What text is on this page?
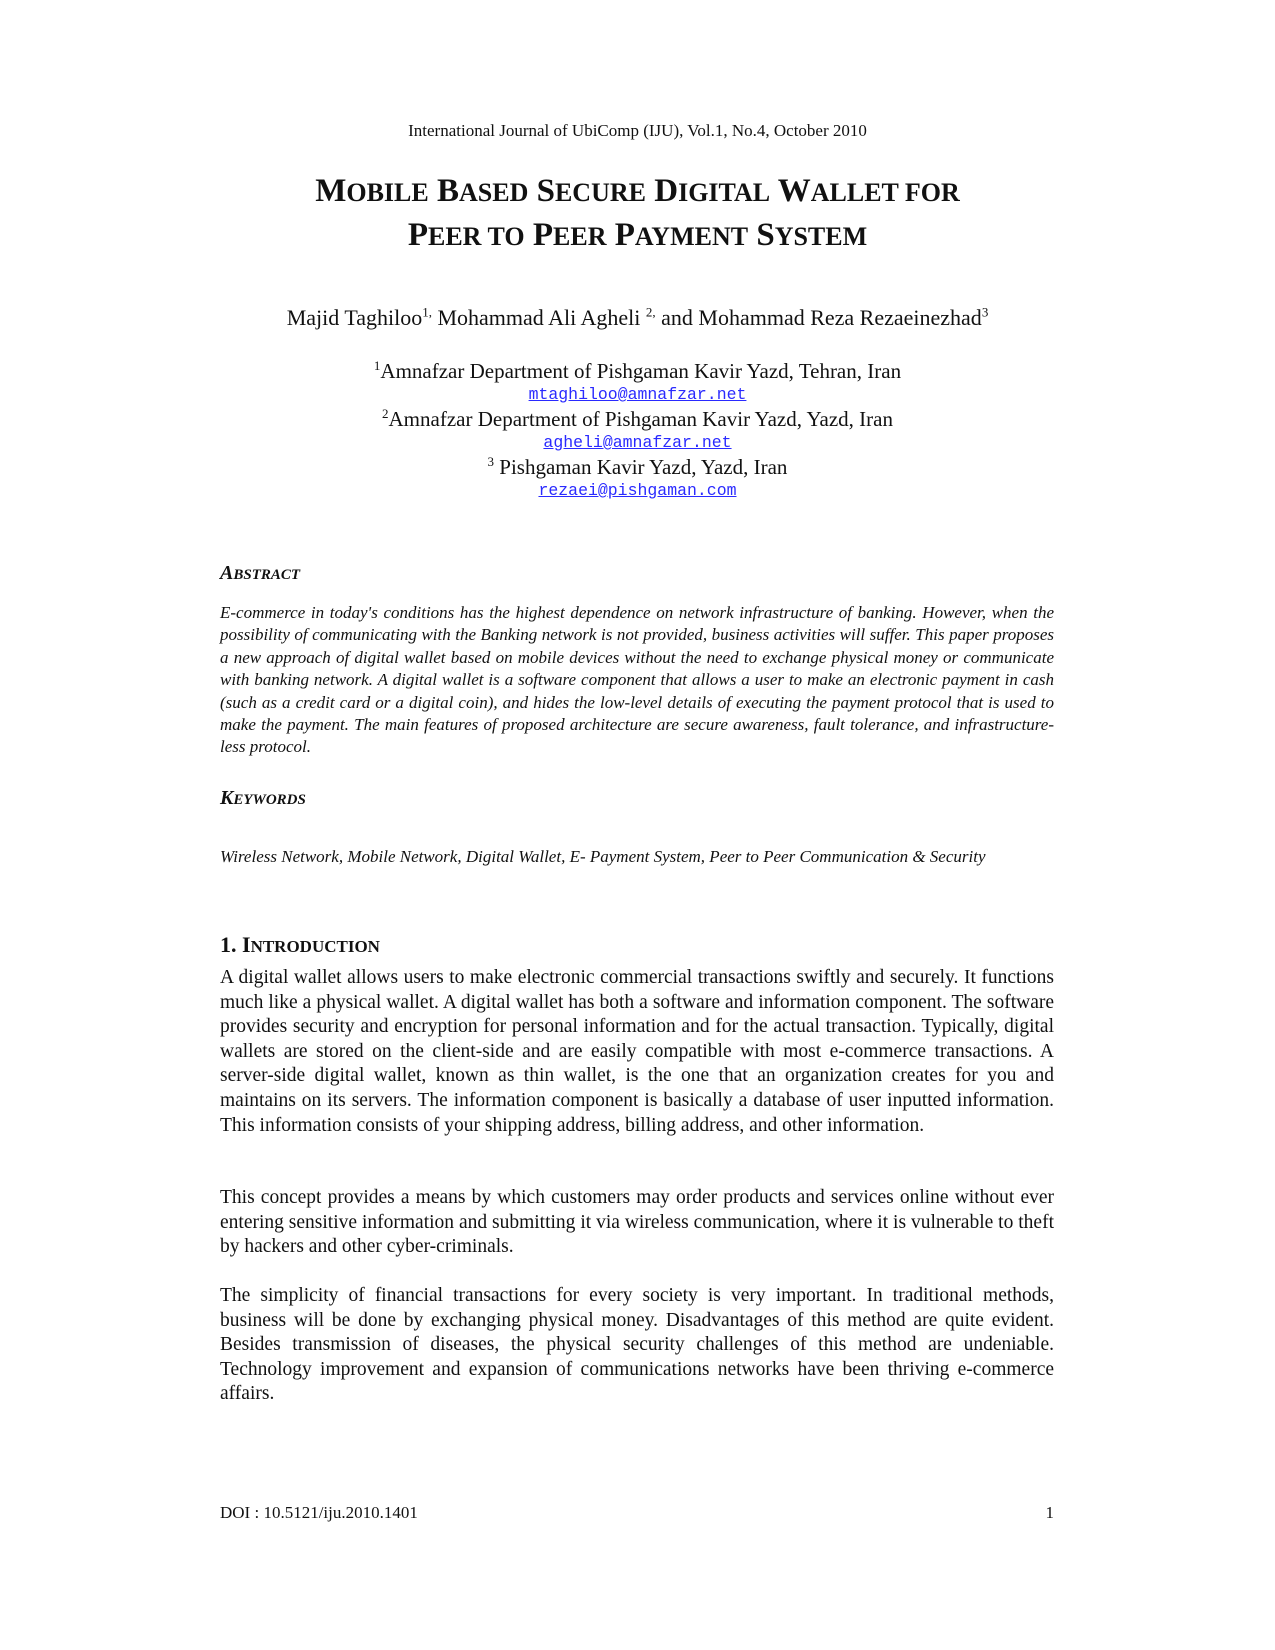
International Journal of UbiComp (IJU), Vol.1, No.4, October 2010
MOBILE BASED SECURE DIGITAL WALLET FOR
PEER TO PEER PAYMENT SYSTEM
Majid Taghiloo$^{1,}$ Mohammad Ali Agheli $^{2,}$ and Mohammad Reza Rezaeinezhad$^3$
$^1$Amnafzar Department of Pishgaman Kavir Yazd, Tehran, Iran
mtaghiloo@amnafzar.net
$^2$Amnafzar Department of Pishgaman Kavir Yazd, Yazd, Iran
agheli@amnafzar.net
$^3$ Pishgaman Kavir Yazd, Yazd, Iran
rezaei@pishgaman.com
ABSTRACT
E-commerce in today's conditions has the highest dependence on network infrastructure of banking. However, when the possibility of communicating with the Banking network is not provided, business activities will suffer. This paper proposes a new approach of digital wallet based on mobile devices without the need to exchange physical money or communicate with banking network. A digital wallet is a software component that allows a user to make an electronic payment in cash (such as a credit card or a digital coin), and hides the low-level details of executing the payment protocol that is used to make the payment. The main features of proposed architecture are secure awareness, fault tolerance, and infrastructure-less protocol.
KEYWORDS
Wireless Network, Mobile Network, Digital Wallet, E- Payment System, Peer to Peer Communication & Security
1. INTRODUCTION
A digital wallet allows users to make electronic commercial transactions swiftly and securely. It functions much like a physical wallet. A digital wallet has both a software and information component. The software provides security and encryption for personal information and for the actual transaction. Typically, digital wallets are stored on the client-side and are easily compatible with most e-commerce transactions. A server-side digital wallet, known as thin wallet, is the one that an organization creates for you and maintains on its servers. The information component is basically a database of user inputted information. This information consists of your shipping address, billing address, and other information.
This concept provides a means by which customers may order products and services online without ever entering sensitive information and submitting it via wireless communication, where it is vulnerable to theft by hackers and other cyber-criminals.
The simplicity of financial transactions for every society is very important. In traditional methods, business will be done by exchanging physical money. Disadvantages of this method are quite evident. Besides transmission of diseases, the physical security challenges of this method are undeniable. Technology improvement and expansion of communications networks have been thriving e-commerce affairs.
DOI : 10.5121/iju.2010.1401	1
